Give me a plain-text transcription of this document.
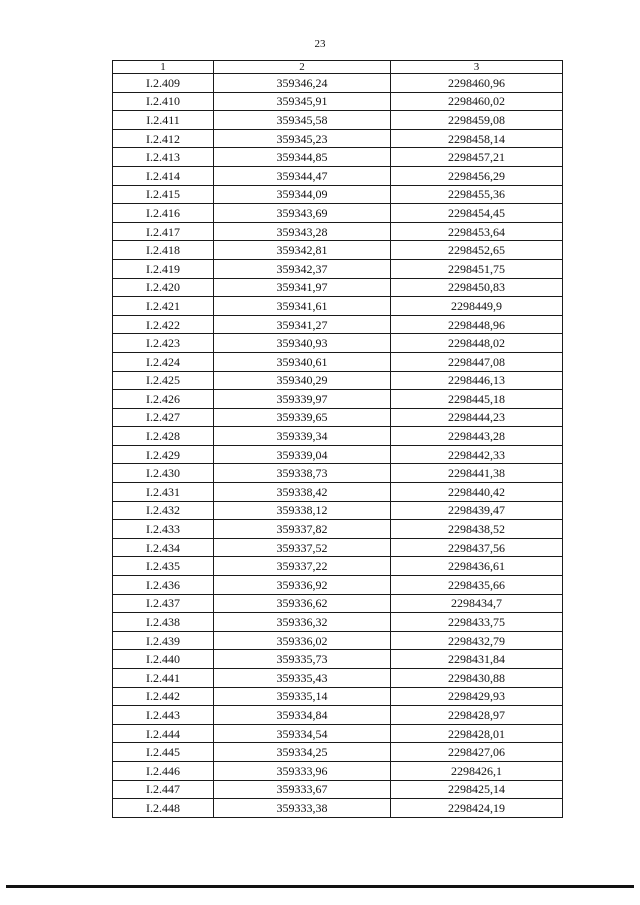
23
1	2	3
I.2.409	359346,24	2298460,96
I.2.410	359345,91	2298460,02
I.2.411	359345,58	2298459,08
I.2.412	359345,23	2298458,14
I.2.413	359344,85	2298457,21
I.2.414	359344,47	2298456,29
I.2.415	359344,09	2298455,36
I.2.416	359343,69	2298454,45
I.2.417	359343,28	2298453,64
I.2.418	359342,81	2298452,65
I.2.419	359342,37	2298451,75
I.2.420	359341,97	2298450,83
I.2.421	359341,61	2298449,9
I.2.422	359341,27	2298448,96
I.2.423	359340,93	2298448,02
I.2.424	359340,61	2298447,08
I.2.425	359340,29	2298446,13
I.2.426	359339,97	2298445,18
I.2.427	359339,65	2298444,23
I.2.428	359339,34	2298443,28
I.2.429	359339,04	2298442,33
I.2.430	359338,73	2298441,38
I.2.431	359338,42	2298440,42
I.2.432	359338,12	2298439,47
I.2.433	359337,82	2298438,52
I.2.434	359337,52	2298437,56
I.2.435	359337,22	2298436,61
I.2.436	359336,92	2298435,66
I.2.437	359336,62	2298434,7
I.2.438	359336,32	2298433,75
I.2.439	359336,02	2298432,79
I.2.440	359335,73	2298431,84
I.2.441	359335,43	2298430,88
I.2.442	359335,14	2298429,93
I.2.443	359334,84	2298428,97
I.2.444	359334,54	2298428,01
I.2.445	359334,25	2298427,06
I.2.446	359333,96	2298426,1
I.2.447	359333,67	2298425,14
I.2.448	359333,38	2298424,19
